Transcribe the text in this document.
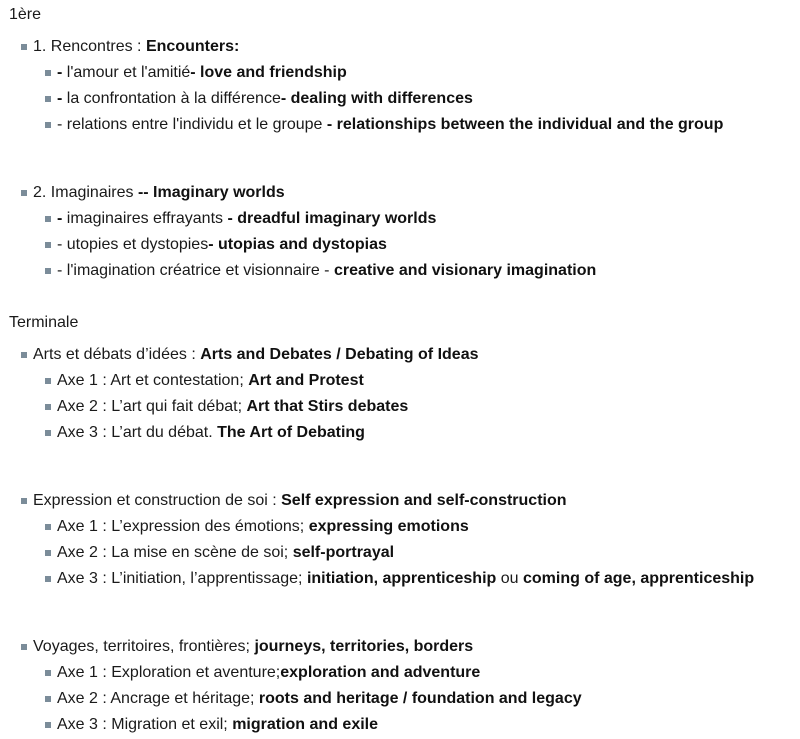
1ère
1. Rencontres : Encounters:
- l'amour et l'amitié- love and friendship
- la confrontation à la différence- dealing with differences
- relations entre l'individu et le groupe - relationships between the individual and the group
2. Imaginaires -- Imaginary worlds
- imaginaires effrayants - dreadful imaginary worlds
- utopies et dystopies- utopias and dystopias
- l'imagination créatrice et visionnaire - creative and visionary imagination
Terminale
Arts et débats d’idées : Arts and Debates / Debating of Ideas
Axe 1 : Art et contestation; Art and Protest
Axe 2 : L’art qui fait débat; Art that Stirs debates
Axe 3 : L’art du débat. The Art of Debating
Expression et construction de soi : Self expression and self-construction
Axe 1 : L’expression des émotions; expressing emotions
Axe 2 : La mise en scène de soi; self-portrayal
Axe 3 : L’initiation, l’apprentissage; initiation, apprenticeship ou coming of age, apprenticeship
Voyages, territoires, frontières; journeys, territories, borders
Axe 1 : Exploration et aventure;exploration and adventure
Axe 2 : Ancrage et héritage; roots and heritage / foundation and legacy
Axe 3 : Migration et exil; migration and exile
